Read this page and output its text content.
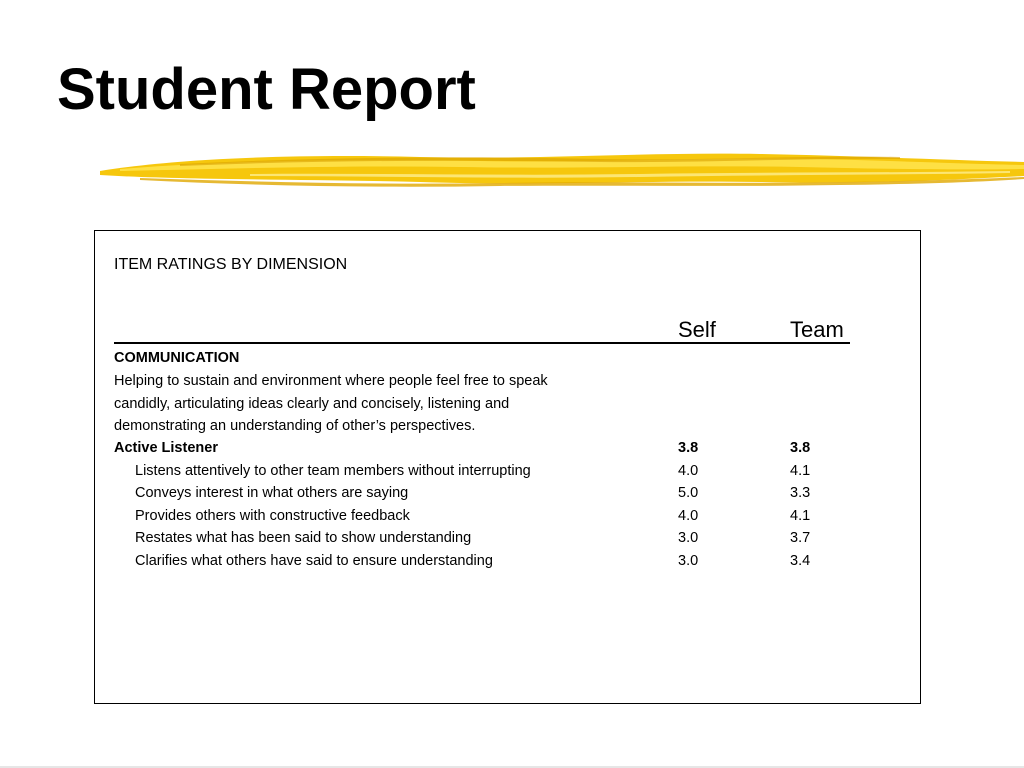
Student Report
ITEM RATINGS BY DIMENSION
Self	Team
COMMUNICATION
Helping to sustain and environment where people feel free to speak
candidly, articulating ideas clearly and concisely, listening and
demonstrating an understanding of other’s perspectives.
Active Listener	3.8	3.8
Listens attentively to other team members without interrupting	4.0	4.1
Conveys interest in what others are saying	5.0	3.3
Provides others with constructive feedback	4.0	4.1
Restates what has been said to show understanding	3.0	3.7
Clarifies what others have said to ensure understanding	3.0	3.4
